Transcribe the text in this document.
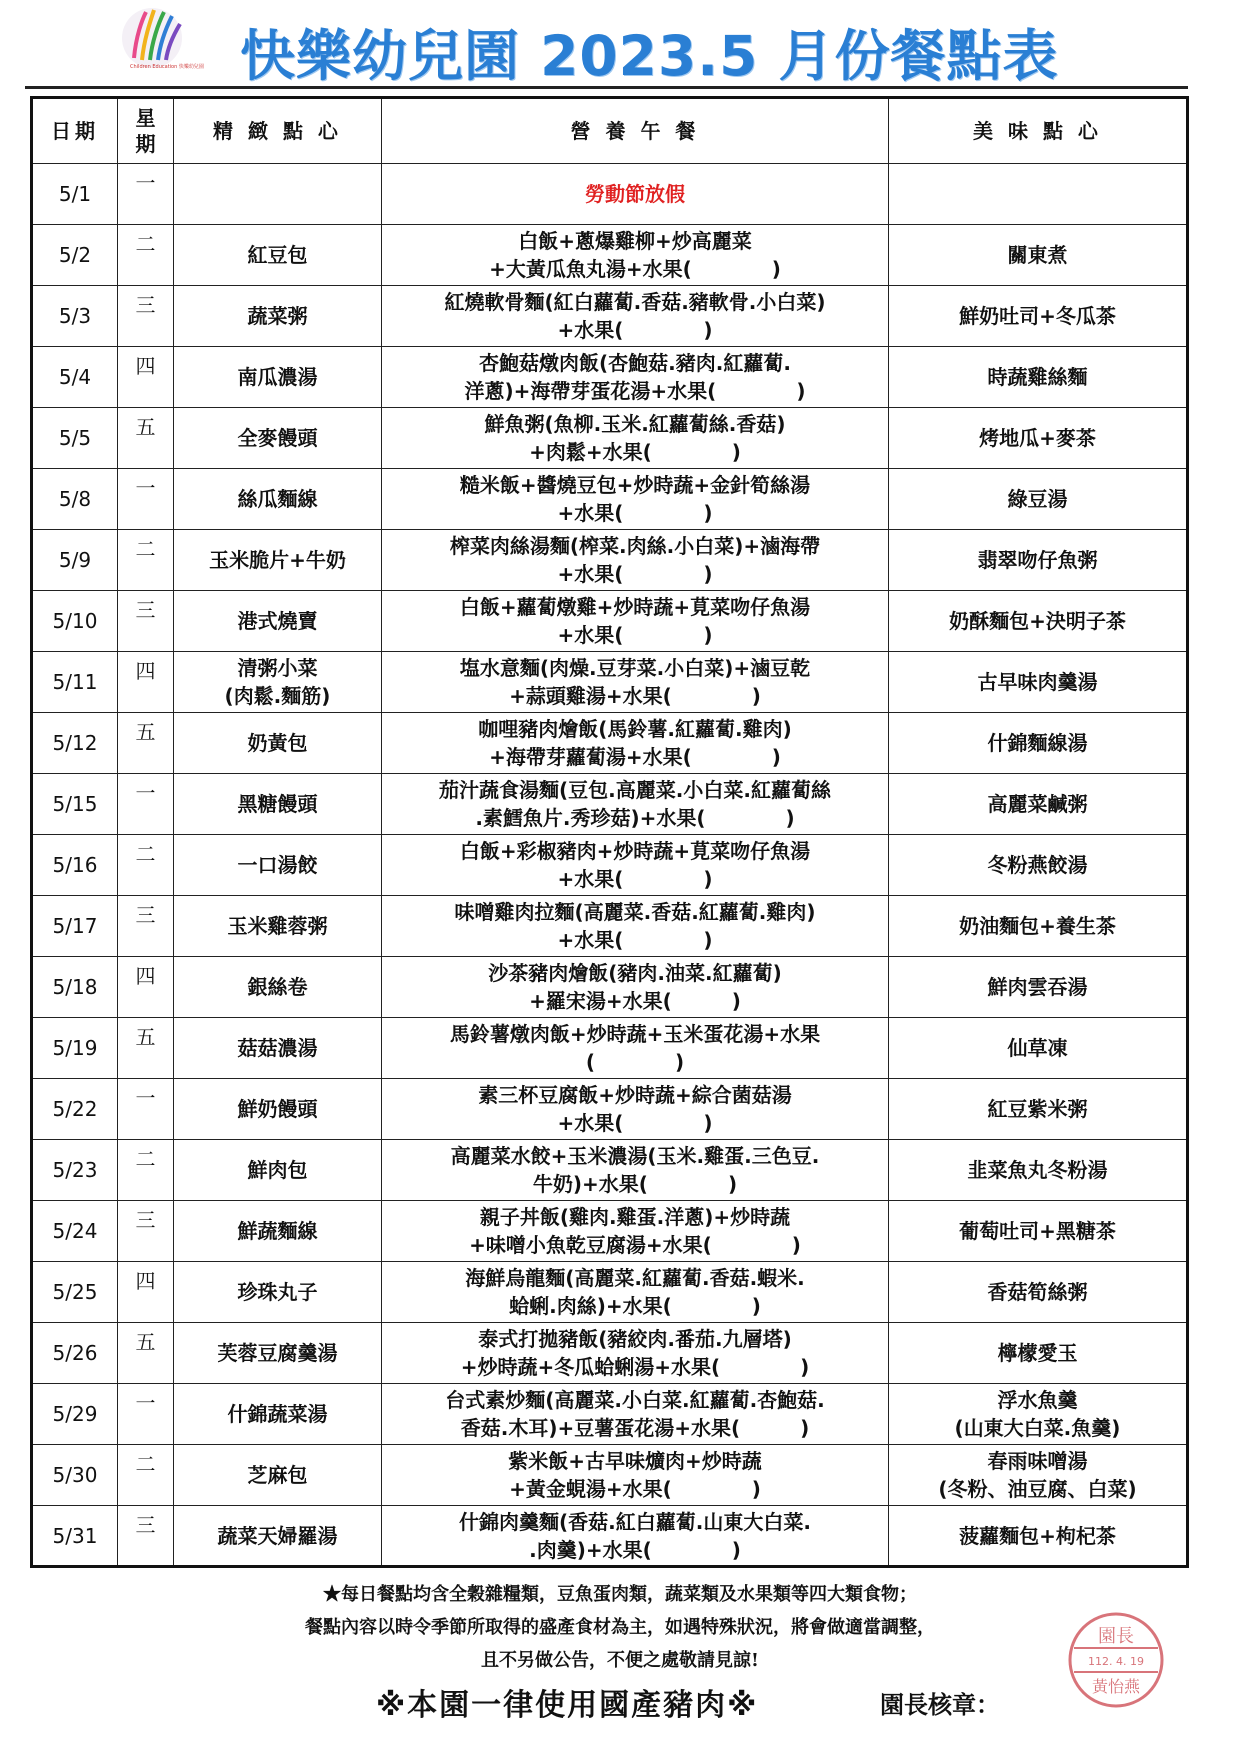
Children Education 快樂幼兒園 快樂幼兒園 2023.5 月份餐點表
日期	星
期	精 緻 點 心	營 養 午 餐	美 味 點 心
5/1	一		勞動節放假	

5/2	二	紅豆包	白飯+蔥爆雞柳+炒高麗菜
+大黃瓜魚丸湯+水果(　　　　)	關東煮

5/3	三	蔬菜粥	紅燒軟骨麵(紅白蘿蔔.香菇.豬軟骨.小白菜)
+水果(　　　　)	鮮奶吐司+冬瓜茶

5/4	四	南瓜濃湯	杏鮑菇燉肉飯(杏鮑菇.豬肉.紅蘿蔔.
洋蔥)+海帶芽蛋花湯+水果(　　　　)	時蔬雞絲麵

5/5	五	全麥饅頭	鮮魚粥(魚柳.玉米.紅蘿蔔絲.香菇)
+肉鬆+水果(　　　　)	烤地瓜+麥茶

5/8	一	絲瓜麵線	糙米飯+醬燒豆包+炒時蔬+金針筍絲湯
+水果(　　　　)	綠豆湯

5/9	二	玉米脆片+牛奶	榨菜肉絲湯麵(榨菜.肉絲.小白菜)+滷海帶
+水果(　　　　)	翡翠吻仔魚粥

5/10	三	港式燒賣	白飯+蘿蔔燉雞+炒時蔬+莧菜吻仔魚湯
+水果(　　　　)	奶酥麵包+決明子茶

5/11	四	清粥小菜
(肉鬆.麵筋)	塩水意麵(肉燥.豆芽菜.小白菜)+滷豆乾
+蒜頭雞湯+水果(　　　　)	古早味肉羹湯

5/12	五	奶黃包	咖哩豬肉燴飯(馬鈴薯.紅蘿蔔.雞肉)
+海帶芽蘿蔔湯+水果(　　　　)	什錦麵線湯

5/15	一	黑糖饅頭	茄汁蔬食湯麵(豆包.高麗菜.小白菜.紅蘿蔔絲
.素鱈魚片.秀珍菇)+水果(　　　　)	高麗菜鹹粥

5/16	二	一口湯餃	白飯+彩椒豬肉+炒時蔬+莧菜吻仔魚湯
+水果(　　　　)	冬粉燕餃湯

5/17	三	玉米雞蓉粥	味噌雞肉拉麵(高麗菜.香菇.紅蘿蔔.雞肉)
+水果(　　　　)	奶油麵包+養生茶

5/18	四	銀絲卷	沙茶豬肉燴飯(豬肉.油菜.紅蘿蔔)
+羅宋湯+水果(　　　)	鮮肉雲吞湯

5/19	五	菇菇濃湯	馬鈴薯燉肉飯+炒時蔬+玉米蛋花湯+水果
(　　　　)	仙草凍

5/22	一	鮮奶饅頭	素三杯豆腐飯+炒時蔬+綜合菌菇湯
+水果(　　　　)	紅豆紫米粥

5/23	二	鮮肉包	高麗菜水餃+玉米濃湯(玉米.雞蛋.三色豆.
牛奶)+水果(　　　　)	韭菜魚丸冬粉湯

5/24	三	鮮蔬麵線	親子丼飯(雞肉.雞蛋.洋蔥)+炒時蔬
+味噌小魚乾豆腐湯+水果(　　　　)	葡萄吐司+黑糖茶

5/25	四	珍珠丸子	海鮮烏龍麵(高麗菜.紅蘿蔔.香菇.蝦米.
蛤蜊.肉絲)+水果(　　　　)	香菇筍絲粥

5/26	五	芙蓉豆腐羹湯	泰式打拋豬飯(豬絞肉.番茄.九層塔)
+炒時蔬+冬瓜蛤蜊湯+水果(　　　　)	檸檬愛玉

5/29	一	什錦蔬菜湯	台式素炒麵(高麗菜.小白菜.紅蘿蔔.杏鮑菇.
香菇.木耳)+豆薯蛋花湯+水果(　　　)	浮水魚羹
(山東大白菜.魚羹)

5/30	二	芝麻包	紫米飯+古早味爌肉+炒時蔬
+黃金蜆湯+水果(　　　　)	春雨味噌湯
(冬粉、油豆腐、白菜)

5/31	三	蔬菜天婦羅湯	什錦肉羹麵(香菇.紅白蘿蔔.山東大白菜.
.肉羹)+水果(　　　　)	菠蘿麵包+枸杞茶
★每日餐點均含全穀雜糧類，豆魚蛋肉類，蔬菜類及水果類等四大類食物；
餐點內容以時令季節所取得的盛產食材為主，如遇特殊狀況，將會做適當調整，
且不另做公告，不便之處敬請見諒!
※本園一律使用國產豬肉※	園長核章：
園長
112. 4. 19
黃怡燕
